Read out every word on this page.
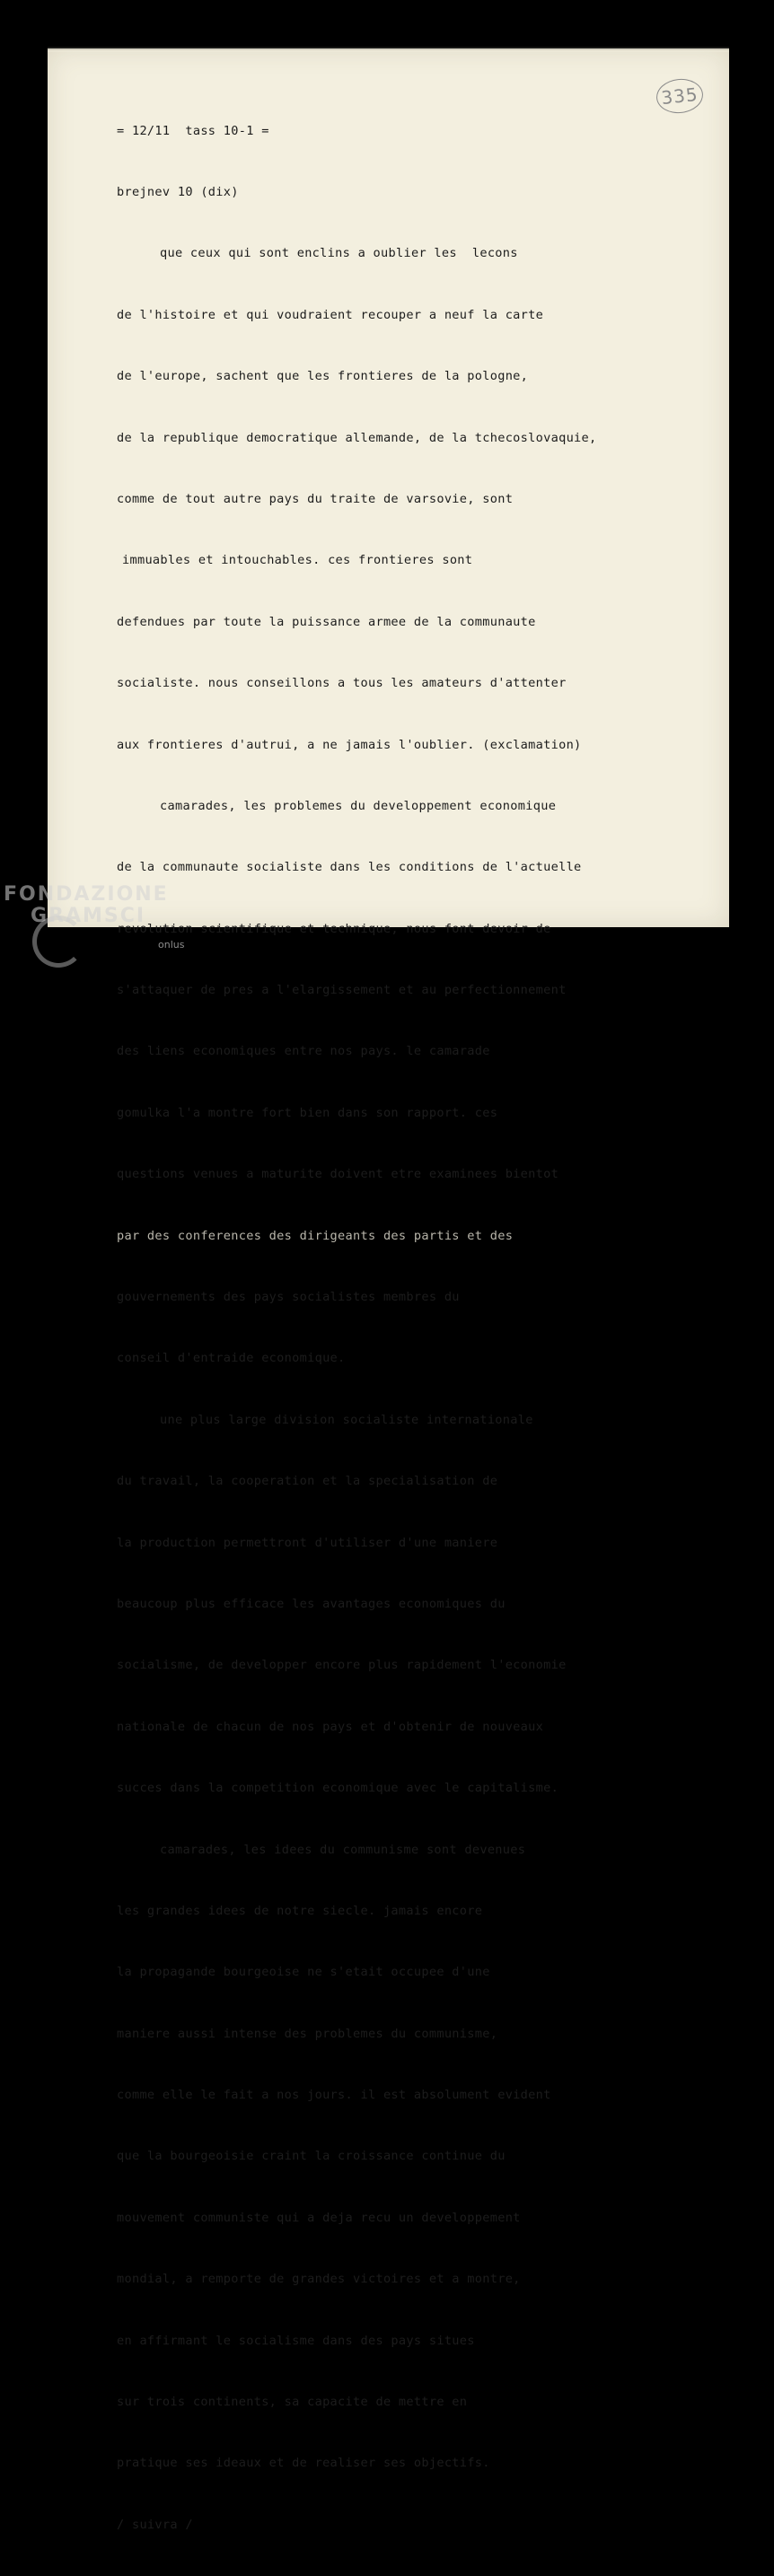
335

= 12/11  tass 10-1 =

brejnev 10 (dix)

que ceux qui sont enclins a oublier les  lecons

de l'histoire et qui voudraient recouper a neuf la carte

de l'europe, sachent que les frontieres de la pologne,

de la republique democratique allemande, de la tchecoslovaquie,

comme de tout autre pays du traite de varsovie, sont

immuables et intouchables. ces frontieres sont

defendues par toute la puissance armee de la communaute

socialiste. nous conseillons a tous les amateurs d'attenter

aux frontieres d'autrui, a ne jamais l'oublier. (exclamation)

camarades, les problemes du developpement economique

de la communaute socialiste dans les conditions de l'actuelle

revolution scientifique et technique, nous font devoir de

s'attaquer de pres a l'elargissement et au perfectionnement

des liens economiques entre nos pays. le camarade

gomulka l'a montre fort bien dans son rapport. ces

questions venues a maturite doivent etre examinees bientot

par des conferences des dirigeants des partis et des

gouvernements des pays socialistes membres du

conseil d'entraide economique.

une plus large division socialiste internationale

du travail, la cooperation et la specialisation de

la production permettront d'utiliser d'une maniere

beaucoup plus efficace les avantages economiques du

socialisme, de developper encore plus rapidement l'economie

nationale de chacun de nos pays et d'obtenir de nouveaux

succes dans la competition economique avec le capitalisme.

camarades, les idees du communisme sont devenues

les grandes idees de notre siecle. jamais encore

la propagande bourgeoise ne s'etait occupee d'une

maniere aussi intense des problemes du communisme,

comme elle le fait a nos jours. il est absolument evident

que la bourgeoisie craint la croissance continue du

mouvement communiste qui a deja recu un developpement

mondial, a remporte de grandes victoires et a montre,

en affirmant le socialisme dans des pays situes

sur trois continents, sa capacite de mettre en

pratique ses ideaux et de realiser ses objectifs.

/ suivra /

FONDAZIONE
GRAMSCI
onlus
